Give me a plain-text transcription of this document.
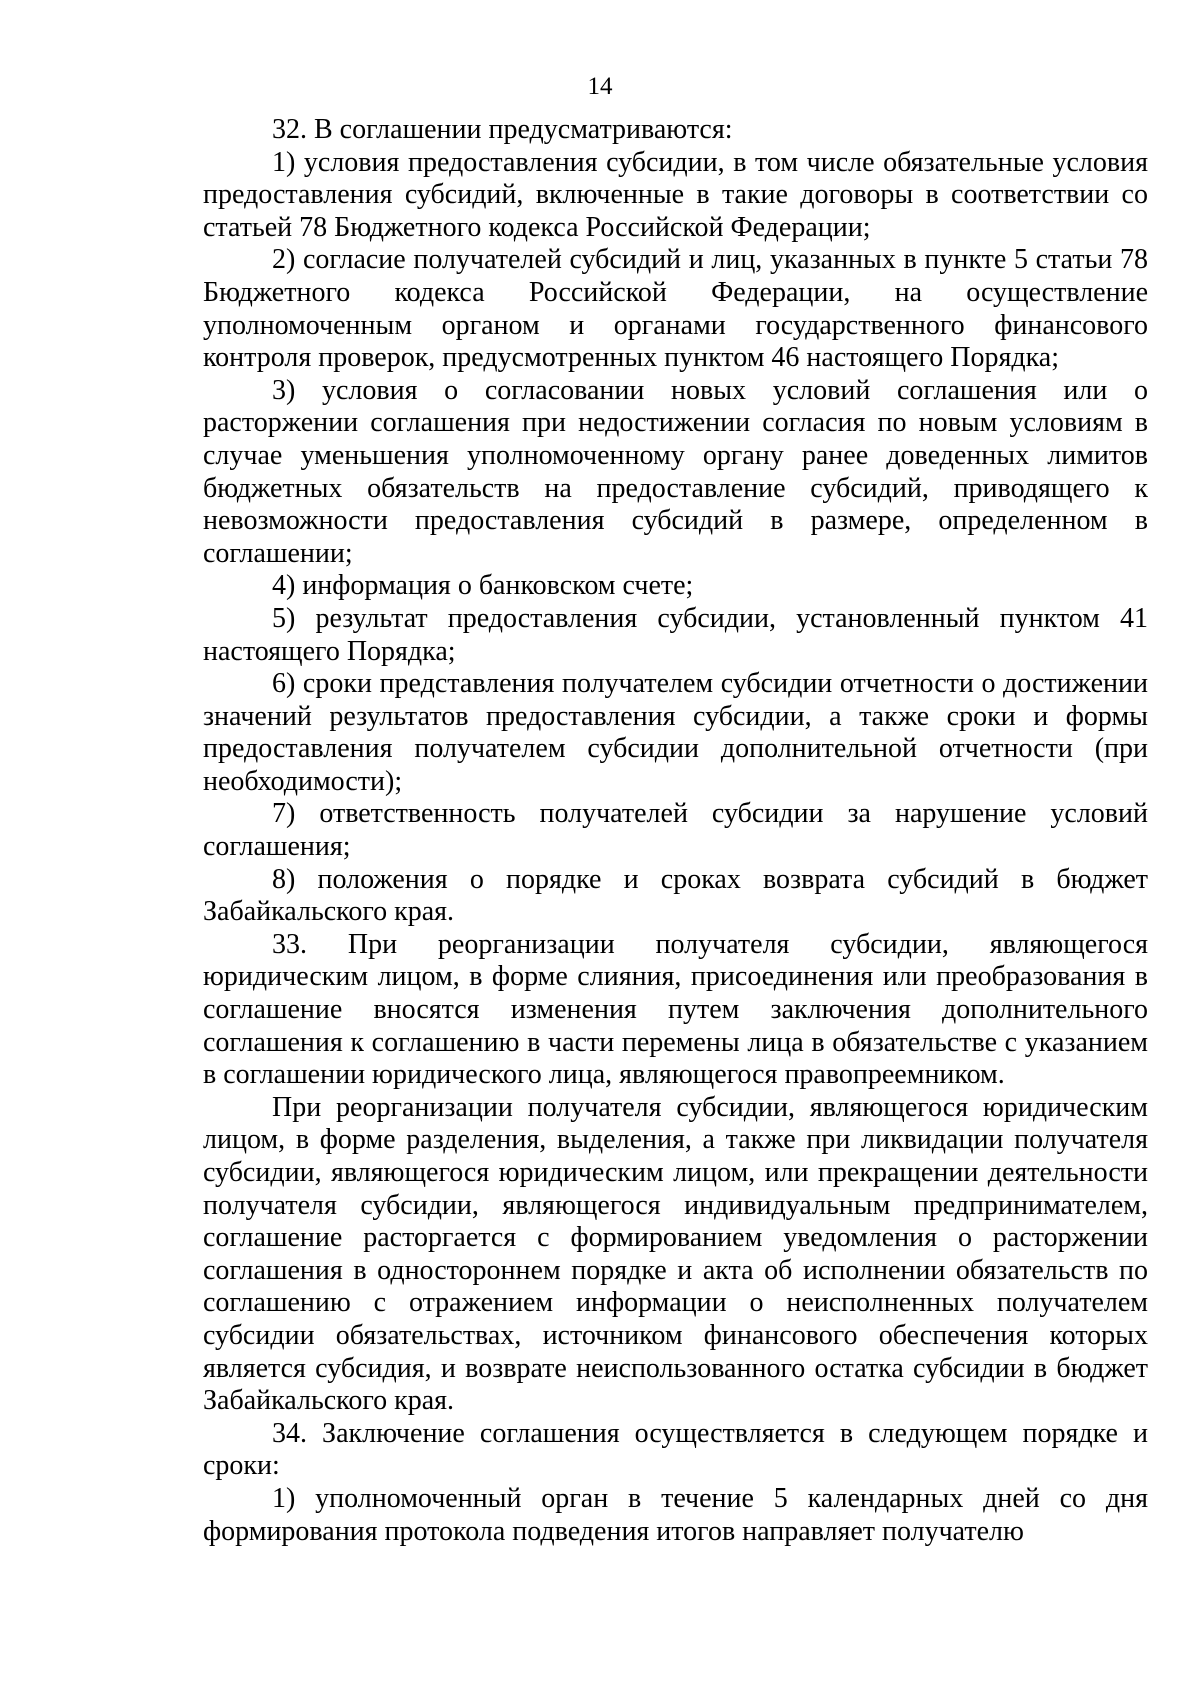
14

32. В соглашении предусматриваются:

1) условия предоставления субсидии, в том числе обязательные условия предоставления субсидий, включенные в такие договоры в соответствии со статьей 78 Бюджетного кодекса Российской Федерации;

2) согласие получателей субсидий и лиц, указанных в пункте 5 статьи 78 Бюджетного кодекса Российской Федерации, на осуществление уполномоченным органом и органами государственного финансового контроля проверок, предусмотренных пунктом 46 настоящего Порядка;

3) условия о согласовании новых условий соглашения или о расторжении соглашения при недостижении согласия по новым условиям в случае уменьшения уполномоченному органу ранее доведенных лимитов бюджетных обязательств на предоставление субсидий, приводящего к невозможности предоставления субсидий в размере, определенном в соглашении;

4) информация о банковском счете;

5) результат предоставления субсидии, установленный пунктом 41 настоящего Порядка;

6) сроки представления получателем субсидии отчетности о достижении значений результатов предоставления субсидии, а также сроки и формы предоставления получателем субсидии дополнительной отчетности (при необходимости);

7) ответственность получателей субсидии за нарушение условий соглашения;

8) положения о порядке и сроках возврата субсидий в бюджет Забайкальского края.

33. При реорганизации получателя субсидии, являющегося юридическим лицом, в форме слияния, присоединения или преобразования в соглашение вносятся изменения путем заключения дополнительного соглашения к соглашению в части перемены лица в обязательстве с указанием в соглашении юридического лица, являющегося правопреемником.

При реорганизации получателя субсидии, являющегося юридическим лицом, в форме разделения, выделения, а также при ликвидации получателя субсидии, являющегося юридическим лицом, или прекращении деятельности получателя субсидии, являющегося индивидуальным предпринимателем, соглашение расторгается с формированием уведомления о расторжении соглашения в одностороннем порядке и акта об исполнении обязательств по соглашению с отражением информации о неисполненных получателем субсидии обязательствах, источником финансового обеспечения которых является субсидия, и возврате неиспользованного остатка субсидии в бюджет Забайкальского края.

34. Заключение соглашения осуществляется в следующем порядке и сроки:

1) уполномоченный орган в течение 5 календарных дней со дня формирования протокола подведения итогов направляет получателю
